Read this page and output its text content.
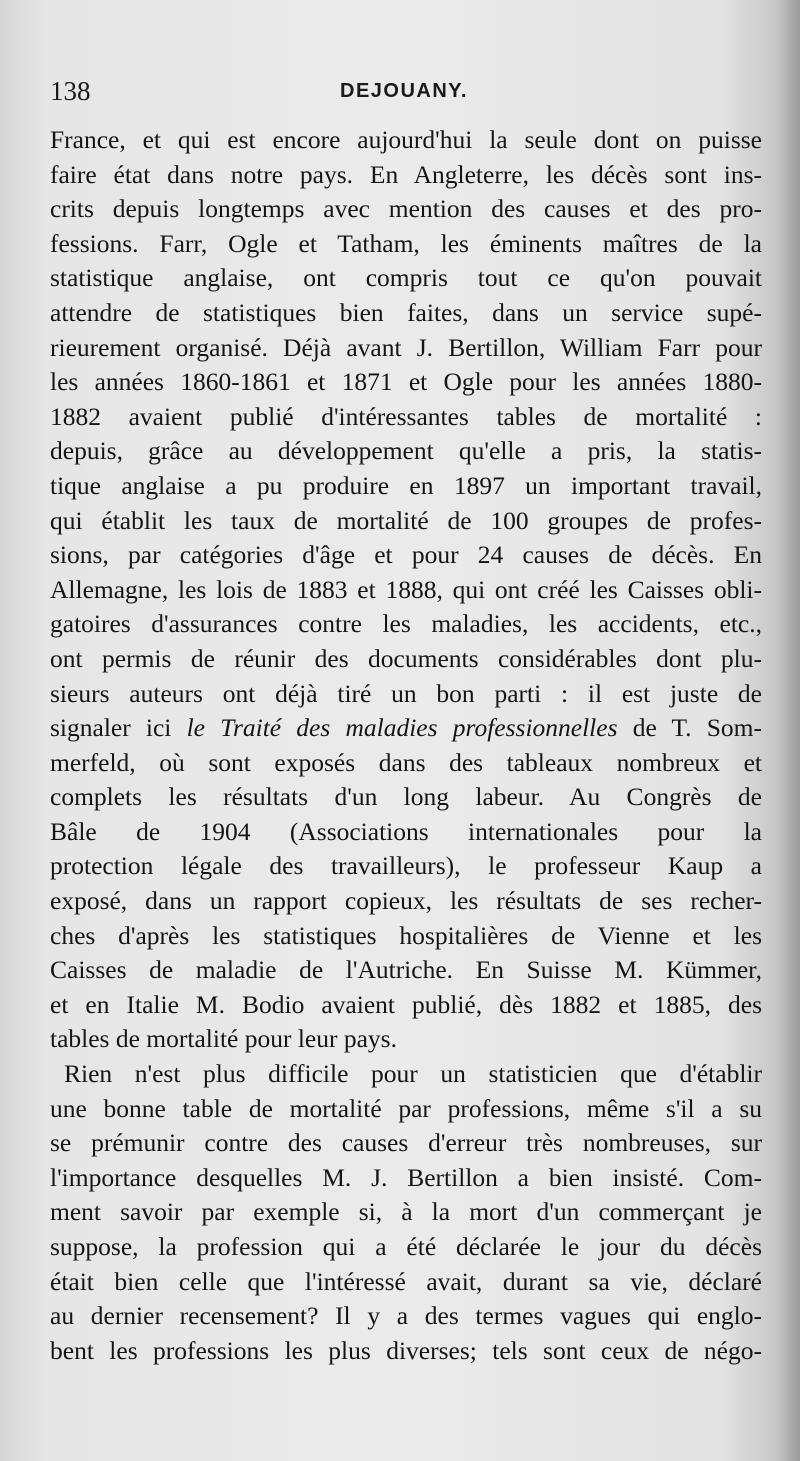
138	DEJOUANY.
France, et qui est encore aujourd'hui la seule dont on puisse
faire état dans notre pays. En Angleterre, les décès sont ins-
crits depuis longtemps avec mention des causes et des pro-
fessions. Farr, Ogle et Tatham, les éminents maîtres de la
statistique anglaise, ont compris tout ce qu'on pouvait
attendre de statistiques bien faites, dans un service supé-
rieurement organisé. Déjà avant J. Bertillon, William Farr pour
les années 1860-1861 et 1871 et Ogle pour les années 1880-
1882 avaient publié d'intéressantes tables de mortalité :
depuis, grâce au développement qu'elle a pris, la statis-
tique anglaise a pu produire en 1897 un important travail,
qui établit les taux de mortalité de 100 groupes de profes-
sions, par catégories d'âge et pour 24 causes de décès. En
Allemagne, les lois de 1883 et 1888, qui ont créé les Caisses obli-
gatoires d'assurances contre les maladies, les accidents, etc.,
ont permis de réunir des documents considérables dont plu-
sieurs auteurs ont déjà tiré un bon parti : il est juste de
signaler ici le Traité des maladies professionnelles de T. Som-
merfeld, où sont exposés dans des tableaux nombreux et
complets les résultats d'un long labeur. Au Congrès de
Bâle de 1904 (Associations internationales pour la
protection légale des travailleurs), le professeur Kaup a
exposé, dans un rapport copieux, les résultats de ses recher-
ches d'après les statistiques hospitalières de Vienne et les
Caisses de maladie de l'Autriche. En Suisse M. Kümmer,
et en Italie M. Bodio avaient publié, dès 1882 et 1885, des
tables de mortalité pour leur pays.
Rien n'est plus difficile pour un statisticien que d'établir
une bonne table de mortalité par professions, même s'il a su
se prémunir contre des causes d'erreur très nombreuses, sur
l'importance desquelles M. J. Bertillon a bien insisté. Com-
ment savoir par exemple si, à la mort d'un commerçant je
suppose, la profession qui a été déclarée le jour du décès
était bien celle que l'intéressé avait, durant sa vie, déclaré
au dernier recensement? Il y a des termes vagues qui englo-
bent les professions les plus diverses; tels sont ceux de négo-
